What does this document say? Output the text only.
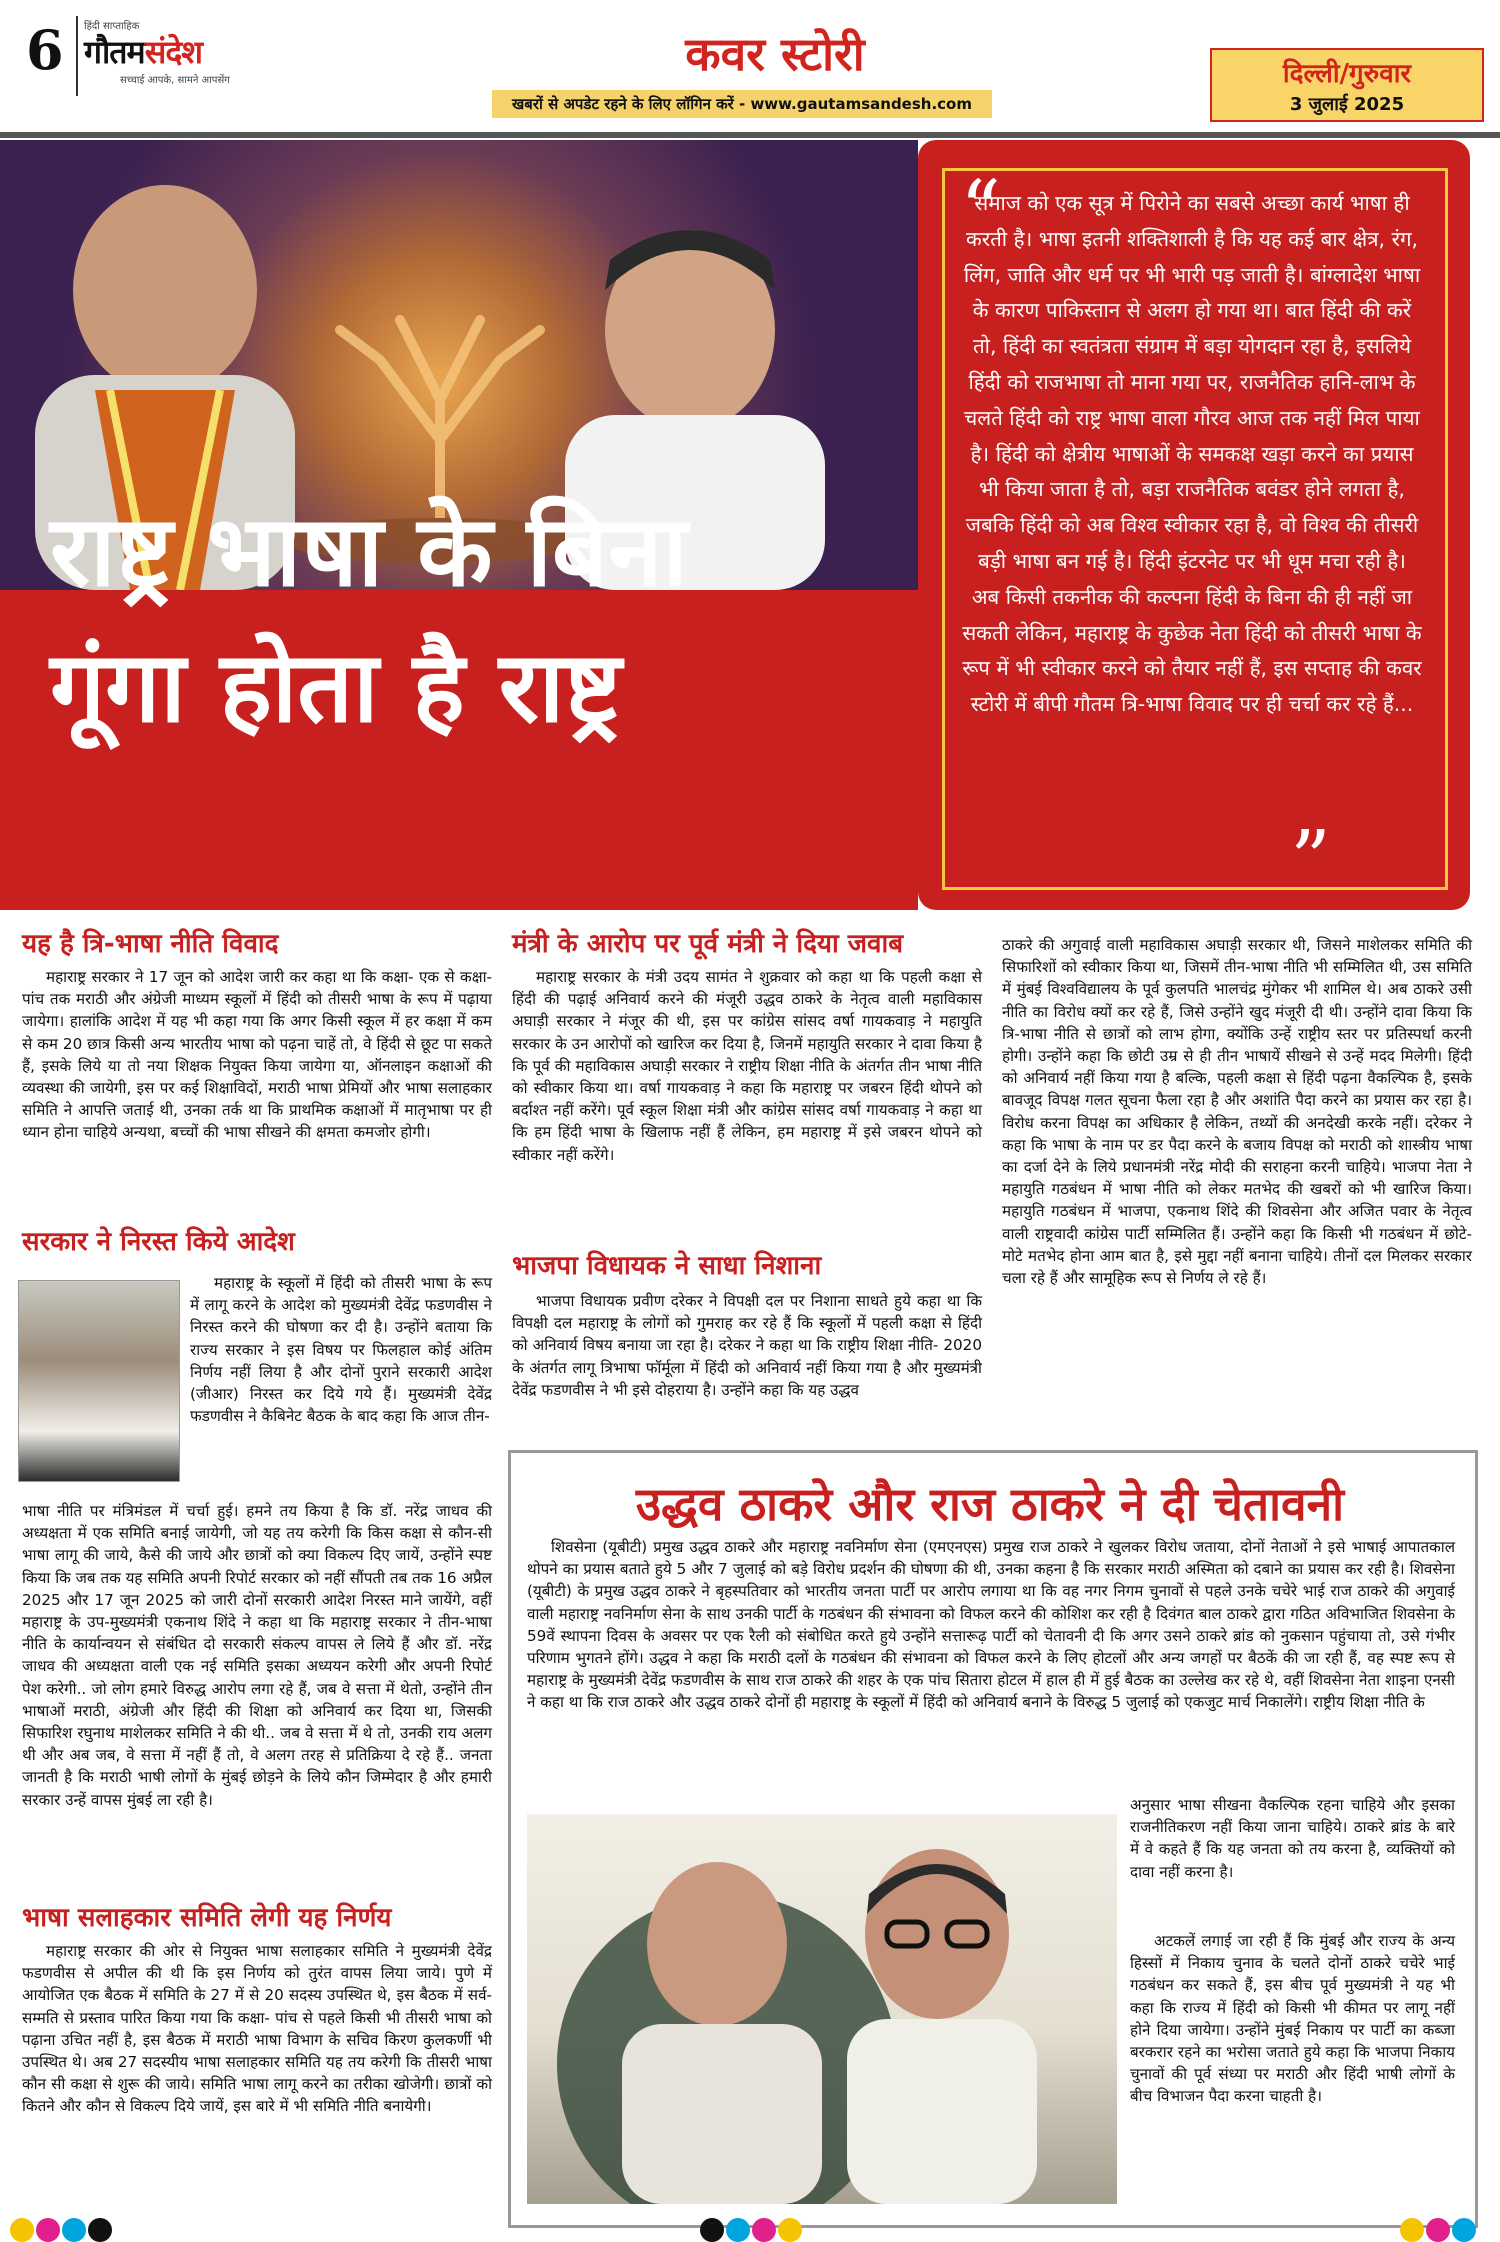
6 हिंदी साप्ताहिक
गौतमसंदेश
सच्चाई आपके, सामने आपसेंग	कवर स्टोरी
खबरों से अपडेट रहने के लिए लॉगिन करें - www.gautamsandesh.com
दिल्ली/गुरुवार
3 जुलाई 2025
राष्ट्र भाषा के बिना
गूंगा होता है राष्ट्र
समाज को एक सूत्र में पिरोने का सबसे अच्छा कार्य भाषा ही करती है। भाषा इतनी शक्तिशाली है कि यह कई बार क्षेत्र, रंग, लिंग, जाति और धर्म पर भी भारी पड़ जाती है। बांग्लादेश भाषा के कारण पाकिस्तान से अलग हो गया था। बात हिंदी की करें तो, हिंदी का स्वतंत्रता संग्राम में बड़ा योगदान रहा है, इसलिये हिंदी को राजभाषा तो माना गया पर, राजनैतिक हानि-लाभ के चलते हिंदी को राष्ट्र भाषा वाला गौरव आज तक नहीं मिल पाया है। हिंदी को क्षेत्रीय भाषाओं के समकक्ष खड़ा करने का प्रयास भी किया जाता है तो, बड़ा राजनैतिक बवंडर होने लगता है, जबकि हिंदी को अब विश्व स्वीकार रहा है, वो विश्व की तीसरी बड़ी भाषा बन गई है। हिंदी इंटरनेट पर भी धूम मचा रही है। अब किसी तकनीक की कल्पना हिंदी के बिना की ही नहीं जा सकती लेकिन, महाराष्ट्र के कुछेक नेता हिंदी को तीसरी भाषा के रूप में भी स्वीकार करने को तैयार नहीं हैं, इस सप्ताह की कवर स्टोरी में बीपी गौतम त्रि-भाषा विवाद पर ही चर्चा कर रहे हैं...
“
”
यह है त्रि-भाषा नीति विवाद

महाराष्ट्र सरकार ने 17 जून को आदेश जारी कर कहा था कि कक्षा- एक से कक्षा- पांच तक मराठी और अंग्रेजी माध्यम स्कूलों में हिंदी को तीसरी भाषा के रूप में पढ़ाया जायेगा। हालांकि आदेश में यह भी कहा गया कि अगर किसी स्कूल में हर कक्षा में कम से कम 20 छात्र किसी अन्य भारतीय भाषा को पढ़ना चाहें तो, वे हिंदी से छूट पा सकते हैं, इसके लिये या तो नया शिक्षक नियुक्त किया जायेगा या, ऑनलाइन कक्षाओं की व्यवस्था की जायेगी, इस पर कई शिक्षाविदों, मराठी भाषा प्रेमियों और भाषा सलाहकार समिति ने आपत्ति जताई थी, उनका तर्क था कि प्राथमिक कक्षाओं में मातृभाषा पर ही ध्यान होना चाहिये अन्यथा, बच्चों की भाषा सीखने की क्षमता कमजोर होगी।

सरकार ने निरस्त किये आदेश

महाराष्ट्र के स्कूलों में हिंदी को तीसरी भाषा के रूप में लागू करने के आदेश को मुख्यमंत्री देवेंद्र फडणवीस ने निरस्त करने की घोषणा कर दी है। उन्होंने बताया कि राज्य सरकार ने इस विषय पर फिलहाल कोई अंतिम निर्णय नहीं लिया है और दोनों पुराने सरकारी आदेश (जीआर) निरस्त कर दिये गये हैं। मुख्यमंत्री देवेंद्र फडणवीस ने कैबिनेट बैठक के बाद कहा कि आज तीन-

भाषा नीति पर मंत्रिमंडल में चर्चा हुई। हमने तय किया है कि डॉ. नरेंद्र जाधव की अध्यक्षता में एक समिति बनाई जायेगी, जो यह तय करेगी कि किस कक्षा से कौन-सी भाषा लागू की जाये, कैसे की जाये और छात्रों को क्या विकल्प दिए जायें, उन्होंने स्पष्ट किया कि जब तक यह समिति अपनी रिपोर्ट सरकार को नहीं सौंपती तब तक 16 अप्रैल 2025 और 17 जून 2025 को जारी दोनों सरकारी आदेश निरस्त माने जायेंगे, वहीं महाराष्ट्र के उप-मुख्यमंत्री एकनाथ शिंदे ने कहा था कि महाराष्ट्र सरकार ने तीन-भाषा नीति के कार्यान्वयन से संबंधित दो सरकारी संकल्प वापस ले लिये हैं और डॉ. नरेंद्र जाधव की अध्यक्षता वाली एक नई समिति इसका अध्ययन करेगी और अपनी रिपोर्ट पेश करेगी.. जो लोग हमारे विरुद्ध आरोप लगा रहे हैं, जब वे सत्ता में थेतो, उन्होंने तीन भाषाओं मराठी, अंग्रेजी और हिंदी की शिक्षा को अनिवार्य कर दिया था, जिसकी सिफारिश रघुनाथ माशेलकर समिति ने की थी.. जब वे सत्ता में थे तो, उनकी राय अलग थी और अब जब, वे सत्ता में नहीं हैं तो, वे अलग तरह से प्रतिक्रिया दे रहे हैं.. जनता जानती है कि मराठी भाषी लोगों के मुंबई छोड़ने के लिये कौन जिम्मेदार है और हमारी सरकार उन्हें वापस मुंबई ला रही है।

भाषा सलाहकार समिति लेगी यह निर्णय

महाराष्ट्र सरकार की ओर से नियुक्त भाषा सलाहकार समिति ने मुख्यमंत्री देवेंद्र फडणवीस से अपील की थी कि इस निर्णय को तुरंत वापस लिया जाये। पुणे में आयोजित एक बैठक में समिति के 27 में से 20 सदस्य उपस्थित थे, इस बैठक में सर्व-सम्मति से प्रस्ताव पारित किया गया कि कक्षा- पांच से पहले किसी भी तीसरी भाषा को पढ़ाना उचित नहीं है, इस बैठक में मराठी भाषा विभाग के सचिव किरण कुलकर्णी भी उपस्थित थे। अब 27 सदस्यीय भाषा सलाहकार समिति यह तय करेगी कि तीसरी भाषा कौन सी कक्षा से शुरू की जाये। समिति भाषा लागू करने का तरीका खोजेगी। छात्रों को कितने और कौन से विकल्प दिये जायें, इस बारे में भी समिति नीति बनायेगी।

मंत्री के आरोप पर पूर्व मंत्री ने दिया जवाब

महाराष्ट्र सरकार के मंत्री उदय सामंत ने शुक्रवार को कहा था कि पहली कक्षा से हिंदी की पढ़ाई अनिवार्य करने की मंजूरी उद्धव ठाकरे के नेतृत्व वाली महाविकास अघाड़ी सरकार ने मंजूर की थी, इस पर कांग्रेस सांसद वर्षा गायकवाड़ ने महायुति सरकार के उन आरोपों को खारिज कर दिया है, जिनमें महायुति सरकार ने दावा किया है कि पूर्व की महाविकास अघाड़ी सरकार ने राष्ट्रीय शिक्षा नीति के अंतर्गत तीन भाषा नीति को स्वीकार किया था। वर्षा गायकवाड़ ने कहा कि महाराष्ट्र पर जबरन हिंदी थोपने को बर्दाश्त नहीं करेंगे। पूर्व स्कूल शिक्षा मंत्री और कांग्रेस सांसद वर्षा गायकवाड़ ने कहा था कि हम हिंदी भाषा के खिलाफ नहीं हैं लेकिन, हम महाराष्ट्र में इसे जबरन थोपने को स्वीकार नहीं करेंगे।

भाजपा विधायक ने साधा निशाना

भाजपा विधायक प्रवीण दरेकर ने विपक्षी दल पर निशाना साधते हुये कहा था कि विपक्षी दल महाराष्ट्र के लोगों को गुमराह कर रहे हैं कि स्कूलों में पहली कक्षा से हिंदी को अनिवार्य विषय बनाया जा रहा है। दरेकर ने कहा था कि राष्ट्रीय शिक्षा नीति- 2020 के अंतर्गत लागू त्रिभाषा फॉर्मूला में हिंदी को अनिवार्य नहीं किया गया है और मुख्यमंत्री देवेंद्र फडणवीस ने भी इसे दोहराया है। उन्होंने कहा कि यह उद्धव

ठाकरे की अगुवाई वाली महाविकास अघाड़ी सरकार थी, जिसने माशेलकर समिति की सिफारिशों को स्वीकार किया था, जिसमें तीन-भाषा नीति भी सम्मिलित थी, उस समिति में मुंबई विश्वविद्यालय के पूर्व कुलपति भालचंद्र मुंगेकर भी शामिल थे। अब ठाकरे उसी नीति का विरोध क्यों कर रहे हैं, जिसे उन्होंने खुद मंजूरी दी थी। उन्होंने दावा किया कि त्रि-भाषा नीति से छात्रों को लाभ होगा, क्योंकि उन्हें राष्ट्रीय स्तर पर प्रतिस्पर्धा करनी होगी। उन्होंने कहा कि छोटी उम्र से ही तीन भाषायें सीखने से उन्हें मदद मिलेगी। हिंदी को अनिवार्य नहीं किया गया है बल्कि, पहली कक्षा से हिंदी पढ़ना वैकल्पिक है, इसके बावजूद विपक्ष गलत सूचना फैला रहा है और अशांति पैदा करने का प्रयास कर रहा है। विरोध करना विपक्ष का अधिकार है लेकिन, तथ्यों की अनदेखी करके नहीं। दरेकर ने कहा कि भाषा के नाम पर डर पैदा करने के बजाय विपक्ष को मराठी को शास्त्रीय भाषा का दर्जा देने के लिये प्रधानमंत्री नरेंद्र मोदी की सराहना करनी चाहिये। भाजपा नेता ने महायुति गठबंधन में भाषा नीति को लेकर मतभेद की खबरों को भी खारिज किया। महायुति गठबंधन में भाजपा, एकनाथ शिंदे की शिवसेना और अजित पवार के नेतृत्व वाली राष्ट्रवादी कांग्रेस पार्टी सम्मिलित हैं। उन्होंने कहा कि किसी भी गठबंधन में छोटे-मोटे मतभेद होना आम बात है, इसे मुद्दा नहीं बनाना चाहिये। तीनों दल मिलकर सरकार चला रहे हैं और सामूहिक रूप से निर्णय ले रहे हैं।

उद्धव ठाकरे और राज ठाकरे ने दी चेतावनी

शिवसेना (यूबीटी) प्रमुख उद्धव ठाकरे और महाराष्ट्र नवनिर्माण सेना (एमएनएस) प्रमुख राज ठाकरे ने खुलकर विरोध जताया, दोनों नेताओं ने इसे भाषाई आपातकाल थोपने का प्रयास बताते हुये 5 और 7 जुलाई को बड़े विरोध प्रदर्शन की घोषणा की थी, उनका कहना है कि सरकार मराठी अस्मिता को दबाने का प्रयास कर रही है। शिवसेना (यूबीटी) के प्रमुख उद्धव ठाकरे ने बृहस्पतिवार को भारतीय जनता पार्टी पर आरोप लगाया था कि वह नगर निगम चुनावों से पहले उनके चचेरे भाई राज ठाकरे की अगुवाई वाली महाराष्ट्र नवनिर्माण सेना के साथ उनकी पार्टी के गठबंधन की संभावना को विफल करने की कोशिश कर रही है दिवंगत बाल ठाकरे द्वारा गठित अविभाजित शिवसेना के 59वें स्थापना दिवस के अवसर पर एक रैली को संबोधित करते हुये उन्होंने सत्तारूढ़ पार्टी को चेतावनी दी कि अगर उसने ठाकरे ब्रांड को नुकसान पहुंचाया तो, उसे गंभीर परिणाम भुगतने होंगे। उद्धव ने कहा कि मराठी दलों के गठबंधन की संभावना को विफल करने के लिए होटलों और अन्य जगहों पर बैठकें की जा रही हैं, वह स्पष्ट रूप से महाराष्ट्र के मुख्यमंत्री देवेंद्र फडणवीस के साथ राज ठाकरे की शहर के एक पांच सितारा होटल में हाल ही में हुई बैठक का उल्लेख कर रहे थे, वहीं शिवसेना नेता शाइना एनसी ने कहा था कि राज ठाकरे और उद्धव ठाकरे दोनों ही महाराष्ट्र के स्कूलों में हिंदी को अनिवार्य बनाने के विरुद्ध 5 जुलाई को एकजुट मार्च निकालेंगे। राष्ट्रीय शिक्षा नीति के

अनुसार भाषा सीखना वैकल्पिक रहना चाहिये और इसका राजनीतिकरण नहीं किया जाना चाहिये। ठाकरे ब्रांड के बारे में वे कहते हैं कि यह जनता को तय करना है, व्यक्तियों को दावा नहीं करना है।

अटकलें लगाई जा रही हैं कि मुंबई और राज्य के अन्य हिस्सों में निकाय चुनाव के चलते दोनों ठाकरे चचेरे भाई गठबंधन कर सकते हैं, इस बीच पूर्व मुख्यमंत्री ने यह भी कहा कि राज्य में हिंदी को किसी भी कीमत पर लागू नहीं होने दिया जायेगा। उन्होंने मुंबई निकाय पर पार्टी का कब्जा बरकरार रहने का भरोसा जताते हुये कहा कि भाजपा निकाय चुनावों की पूर्व संध्या पर मराठी और हिंदी भाषी लोगों के बीच विभाजन पैदा करना चाहती है।
